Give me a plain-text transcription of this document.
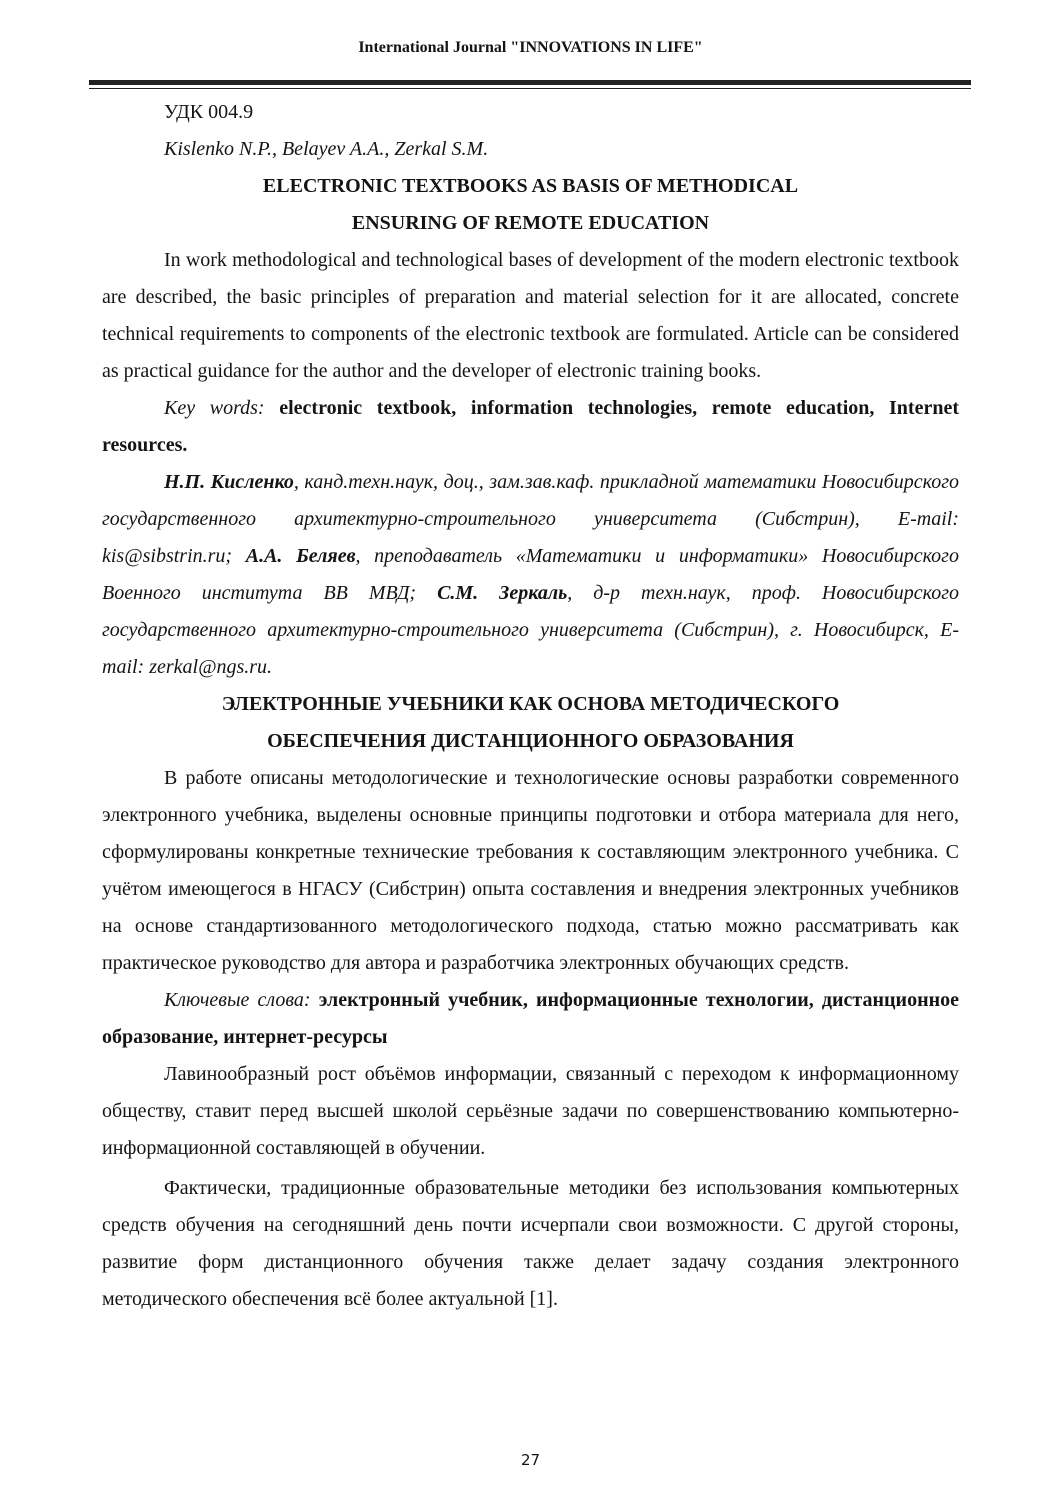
International Journal "INNOVATIONS IN LIFE"

УДК 004.9

Kislenko N.P., Belayev A.A., Zerkal S.M.

ELECTRONIC TEXTBOOKS AS BASIS OF METHODICAL

ENSURING OF REMOTE EDUCATION

In work methodological and technological bases of development of the modern electronic textbook are described, the basic principles of preparation and material selection for it are allocated, concrete technical requirements to components of the electronic textbook are formulated. Article can be considered as practical guidance for the author and the developer of electronic training books.

Key words: electronic textbook, information technologies, remote education, Internet resources.

Н.П. Кисленко, канд.техн.наук, доц., зам.зав.каф. прикладной математики Новосибирского государственного архитектурно-строительного университета (Сибстрин), E-mail: kis@sibstrin.ru; А.А. Беляев, преподаватель «Математики и информатики» Новосибирского Военного института ВВ МВД; С.М. Зеркаль, д-р техн.наук, проф. Новосибирского государственного архитектурно-строительного университета (Сибстрин), г. Новосибирск, E-mail: zerkal@ngs.ru.

ЭЛЕКТРОННЫЕ УЧЕБНИКИ КАК ОСНОВА МЕТОДИЧЕСКОГО

ОБЕСПЕЧЕНИЯ ДИСТАНЦИОННОГО ОБРАЗОВАНИЯ

В работе описаны методологические и технологические основы разработки современного электронного учебника, выделены основные принципы подготовки и отбора материала для него, сформулированы конкретные технические требования к составляющим электронного учебника. С учётом имеющегося в НГАСУ (Сибстрин) опыта составления и внедрения электронных учебников на основе стандартизованного методологического подхода, статью можно рассматривать как практическое руководство для автора и разработчика электронных обучающих средств.

Ключевые слова: электронный учебник, информационные технологии, дистанционное образование, интернет-ресурсы

Лавинообразный рост объёмов информации, связанный с переходом к информационному обществу, ставит перед высшей школой серьёзные задачи по совершенствованию компьютерно-информационной составляющей в обучении.

Фактически, традиционные образовательные методики без использования компьютерных средств обучения на сегодняшний день почти исчерпали свои возможности. С другой стороны, развитие форм дистанционного обучения также делает задачу создания электронного методического обеспечения всё более актуальной [1].

27
